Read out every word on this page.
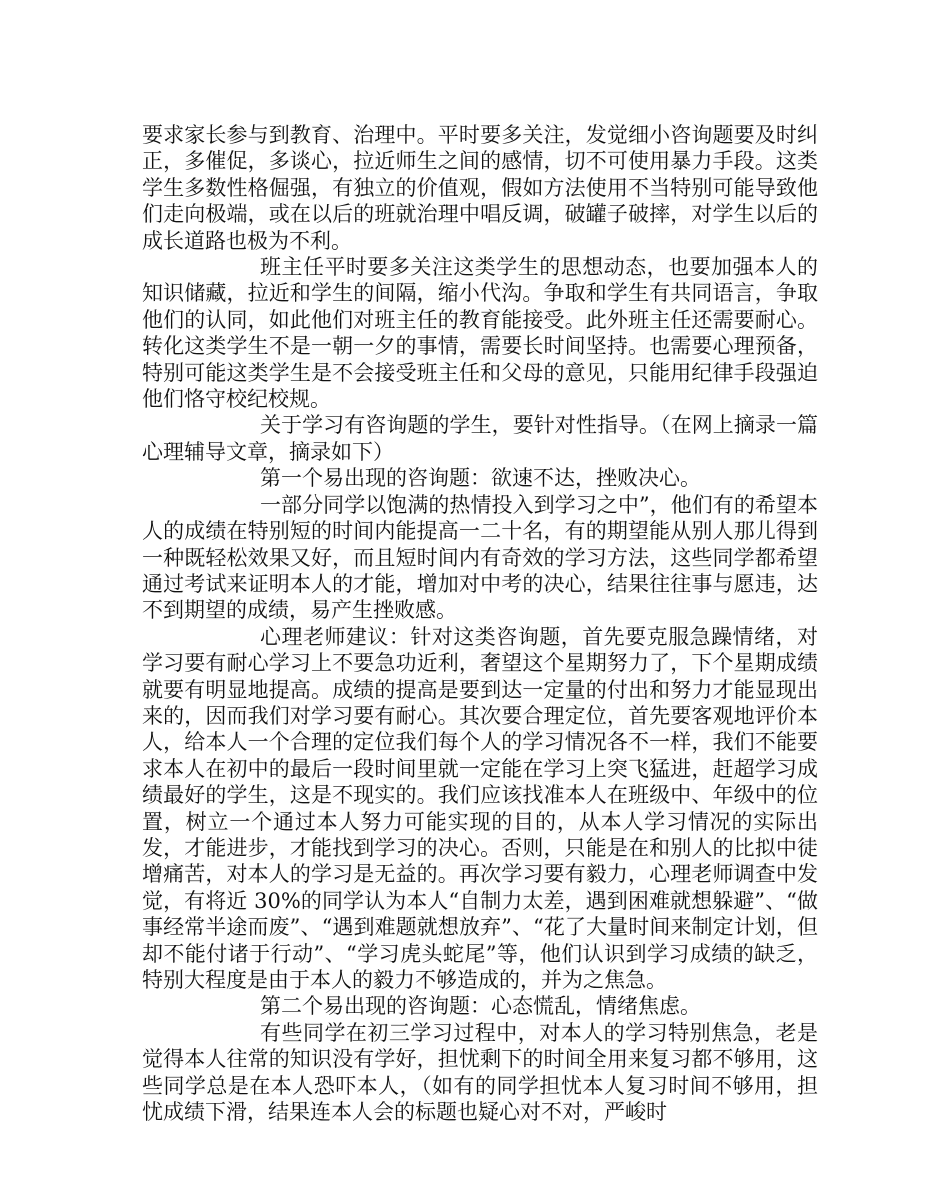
要求家长参与到教育、治理中。平时要多关注，发觉细小咨询题要及时纠正，多催促，多谈心，拉近师生之间的感情，切不可使用暴力手段。这类学生多数性格倔强，有独立的价值观，假如方法使用不当特别可能导致他们走向极端，或在以后的班就治理中唱反调，破罐子破摔，对学生以后的成长道路也极为不利。

班主任平时要多关注这类学生的思想动态，也要加强本人的知识储藏，拉近和学生的间隔，缩小代沟。争取和学生有共同语言，争取他们的认同，如此他们对班主任的教育能接受。此外班主任还需要耐心。转化这类学生不是一朝一夕的事情，需要长时间坚持。也需要心理预备，特别可能这类学生是不会接受班主任和父母的意见，只能用纪律手段强迫他们恪守校纪校规。

关于学习有咨询题的学生，要针对性指导。（在网上摘录一篇心理辅导文章，摘录如下）

第一个易出现的咨询题：欲速不达，挫败决心。

一部分同学以饱满的热情投入到学习之中”，他们有的希望本人的成绩在特别短的时间内能提高一二十名，有的期望能从别人那儿得到一种既轻松效果又好，而且短时间内有奇效的学习方法，这些同学都希望通过考试来证明本人的才能，增加对中考的决心，结果往往事与愿违，达不到期望的成绩，易产生挫败感。

心理老师建议：针对这类咨询题，首先要克服急躁情绪，对学习要有耐心学习上不要急功近利，奢望这个星期努力了，下个星期成绩就要有明显地提高。成绩的提高是要到达一定量的付出和努力才能显现出来的，因而我们对学习要有耐心。其次要合理定位，首先要客观地评价本人，给本人一个合理的定位我们每个人的学习情况各不一样，我们不能要求本人在初中的最后一段时间里就一定能在学习上突飞猛进，赶超学习成绩最好的学生，这是不现实的。我们应该找准本人在班级中、年级中的位置，树立一个通过本人努力可能实现的目的，从本人学习情况的实际出发，才能进步，才能找到学习的决心。否则，只能是在和别人的比拟中徒增痛苦，对本人的学习是无益的。再次学习要有毅力，心理老师调查中发觉，有将近 30%的同学认为本人“自制力太差，遇到困难就想躲避”、“做事经常半途而废”、“遇到难题就想放弃”、“花了大量时间来制定计划，但却不能付诸于行动”、“学习虎头蛇尾”等，他们认识到学习成绩的缺乏，特别大程度是由于本人的毅力不够造成的，并为之焦急。

第二个易出现的咨询题：心态慌乱，情绪焦虑。

有些同学在初三学习过程中，对本人的学习特别焦急，老是觉得本人往常的知识没有学好，担忧剩下的时间全用来复习都不够用，这些同学总是在本人恐吓本人，（如有的同学担忧本人复习时间不够用，担忧成绩下滑，结果连本人会的标题也疑心对不对，严峻时
